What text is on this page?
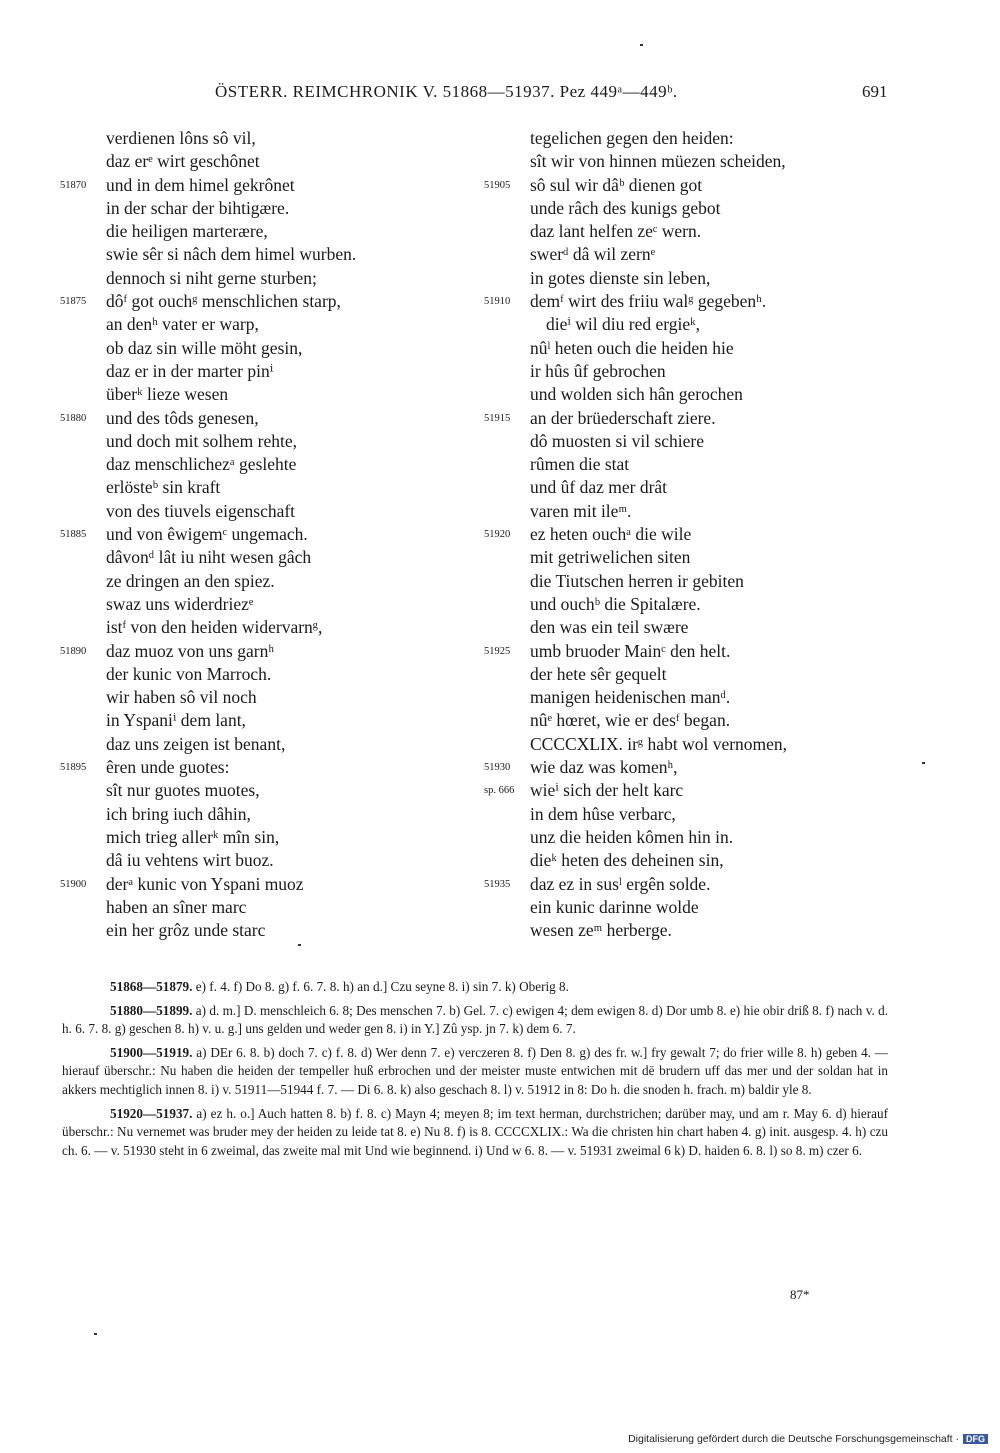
ÖSTERR. REIMCHRONIK V. 51868—51937. Pez 449ᵃ—449ᵇ.	691
verdienen lôns sô vil,
daz erᵉ wirt geschônet
51870	und in dem himel gekrônet
in der schar der bihtigære.
die heiligen marterære,
swie sêr si nâch dem himel wurben.
dennoch si niht gerne sturben;
51875	dôᶠ got ouchᵍ menschlichen starp,
an denʰ vater er warp,
ob daz sin wille möht gesin,
daz er in der marter pinⁱ
überᵏ lieze wesen
51880	und des tôds genesen,
und doch mit solhem rehte,
daz menschlichezᵃ geslehte
erlösteᵇ sin kraft
von des tiuvels eigenschaft
51885	und von êwigemᶜ ungemach.
dâvonᵈ lât iu niht wesen gâch
ze dringen an den spiez.
swaz uns widerdriezᵉ
istᶠ von den heiden widervarnᵍ,
51890	daz muoz von uns garnʰ
der kunic von Marroch.
wir haben sô vil noch
in Yspaniⁱ dem lant,
daz uns zeigen ist benant,
51895	êren unde guotes:
sît nur guotes muotes,
ich bring iuch dâhin,
mich trieg allerᵏ mîn sin,
dâ iu vehtens wirt buoz.
51900	derᵃ kunic von Yspani muoz
haben an sîner marc
ein her grôz unde starc
tegelichen gegen den heiden:
sît wir von hinnen müezen scheiden,
51905	sô sul wir dâᵇ dienen got
unde râch des kunigs gebot
daz lant helfen zeᶜ wern.
swerᵈ dâ wil zernᵉ
in gotes dienste sin leben,
51910	demᶠ wirt des friiu walᵍ gegebenʰ.
dieⁱ wil diu red ergieᵏ,
nûˡ heten ouch die heiden hie
ir hûs ûf gebrochen
und wolden sich hân gerochen
51915	an der brüederschaft ziere.
dô muosten si vil schiere
rûmen die stat
und ûf daz mer drât
varen mit ileᵐ.
51920	ez heten ouchᵃ die wile
mit getriwelichen siten
die Tiutschen herren ir gebiten
und ouchᵇ die Spitalære.
den was ein teil swære
51925	umb bruoder Mainᶜ den helt.
der hete sêr gequelt
manigen heidenischen manᵈ.
nûᵉ hœret, wie er desᶠ began.
CCCCXLIX. irᵍ habt wol vernomen,
51930	wie daz was komenʰ,
sp. 666 wieⁱ sich der helt karc
in dem hûse verbarc,
unz die heiden kômen hin in.
dieᵏ heten des deheinen sin,
51935	daz ez in susˡ ergên solde.
ein kunic darinne wolde
wesen zeᵐ herberge.
51868—51879. e) f. 4. f) Do 8. g) f. 6. 7. 8. h) an d.] Czu seyne 8. i) sin 7. k) Oberig 8.
51880—51899. a) d. m.] D. menschleich 6. 8; Des menschen 7. b) Gel. 7. c) ewigen 4; dem ewigen 8. d) Dor umb 8. e) hie obir driß 8. f) nach v. d. h. 6. 7. 8. g) geschen 8. h) v. u. g.] uns gelden und weder gen 8. i) in Y.] Zû ysp. jn 7. k) dem 6. 7.
51900—51919. a) DEr 6. 8. b) doch 7. c) f. 8. d) Wer denn 7. e) verczeren 8. f) Den 8. g) des fr. w.] fry gewalt 7; do frier wille 8. h) geben 4. — hierauf überschr.: Nu haben die heiden der tempeller huß erbrochen und der meister muste entwichen mit dē brudern uff das mer und der soldan hat in akkers mechtiglich innen 8. i) v. 51911—51944 f. 7. — Di 6. 8. k) also geschach 8. l) v. 51912 in 8: Do h. die snoden h. frach. m) baldir yle 8.
51920—51937. a) ez h. o.] Auch hatten 8. b) f. 8. c) Mayn 4; meyen 8; im text herman, durchstrichen; darüber may, und am r. May 6. d) hierauf überschr.: Nu vernemet was bruder mey der heiden zu leide tat 8. e) Nu 8. f) is 8. CCCCXLIX.: Wa die christen hin chart haben 4. g) init. ausgesp. 4. h) czu ch. 6. — v. 51930 steht in 6 zweimal, das zweite mal mit Und wie beginnend. i) Und w 6. 8. — v. 51931 zweimal 6 k) D. haiden 6. 8. l) so 8. m) czer 6.
87*
Digitalisierung gefördert durch die Deutsche Forschungsgemeinschaft · DFG
